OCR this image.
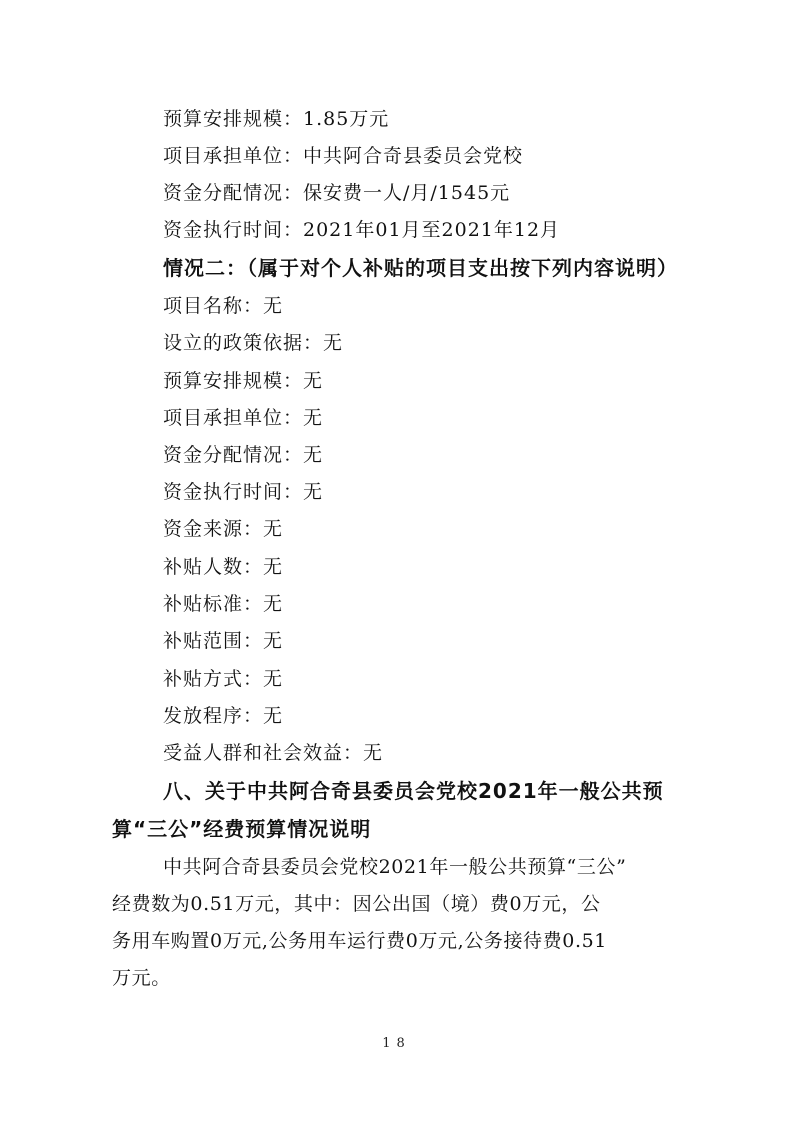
预算安排规模：1.85万元
项目承担单位：中共阿合奇县委员会党校
资金分配情况：保安费一人/月/1545元
资金执行时间：2021年01月至2021年12月
情况二：（属于对个人补贴的项目支出按下列内容说明）
项目名称：无
设立的政策依据：无
预算安排规模：无
项目承担单位：无
资金分配情况：无
资金执行时间：无
资金来源：无
补贴人数：无
补贴标准：无
补贴范围：无
补贴方式：无
发放程序：无
受益人群和社会效益：无
八、关于中共阿合奇县委员会党校2021年一般公共预
算“三公”经费预算情况说明
中共阿合奇县委员会党校2021年一般公共预算“三公”
经费数为0.51万元，其中：因公出国（境）费0万元，公
务用车购置0万元,公务用车运行费0万元,公务接待费0.51
万元。
18
